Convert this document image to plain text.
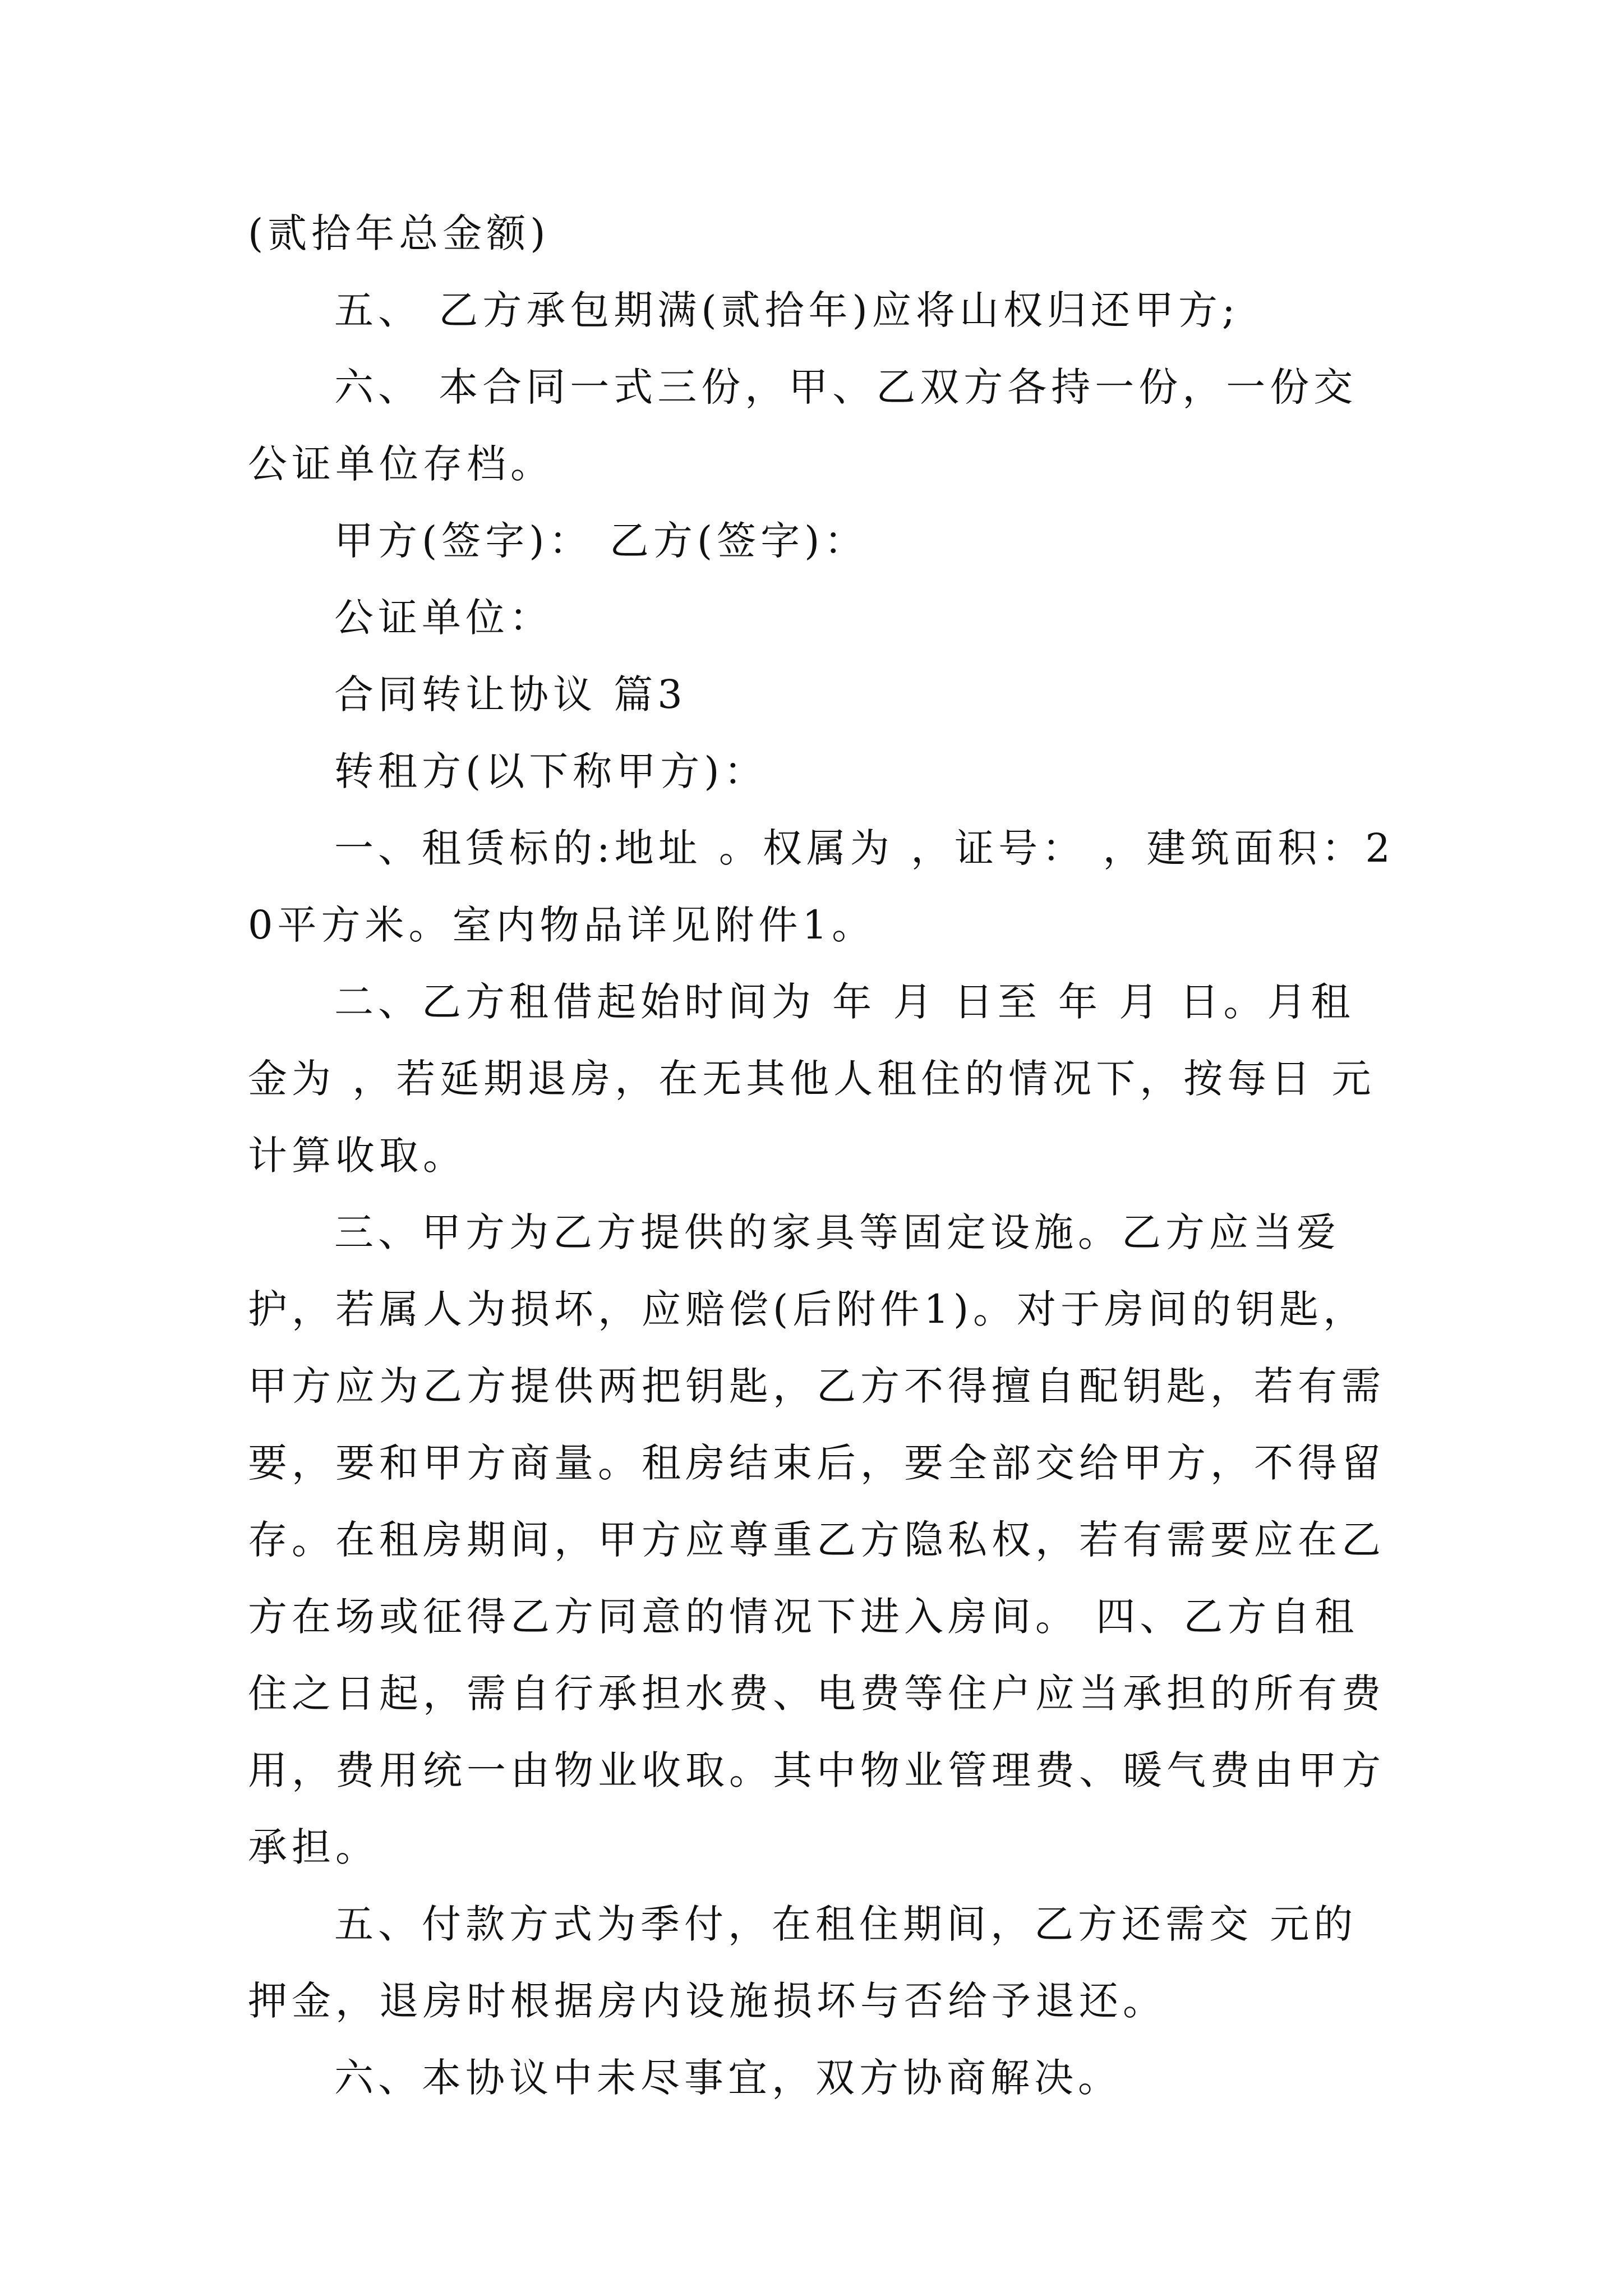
(贰拾年总金额)

五、 乙方承包期满(贰拾年)应将山权归还甲方;

六、 本合同一式三份，甲、乙双方各持一份，一份交公证单位存档。

甲方(签字)： 乙方(签字)：

公证单位：

合同转让协议 篇3

转租方(以下称甲方)：

一、租赁标的:地址 。权属为 ，证号： ，建筑面积：20平方米。室内物品详见附件1。

二、乙方租借起始时间为 年 月 日至 年 月 日。月租金为 ，若延期退房，在无其他人租住的情况下，按每日 元计算收取。

三、甲方为乙方提供的家具等固定设施。乙方应当爱护，若属人为损坏，应赔偿(后附件1)。对于房间的钥匙，甲方应为乙方提供两把钥匙，乙方不得擅自配钥匙，若有需要，要和甲方商量。租房结束后，要全部交给甲方，不得留存。在租房期间，甲方应尊重乙方隐私权，若有需要应在乙方在场或征得乙方同意的情况下进入房间。 四、乙方自租住之日起，需自行承担水费、电费等住户应当承担的所有费用，费用统一由物业收取。其中物业管理费、暖气费由甲方承担。

五、付款方式为季付，在租住期间，乙方还需交 元的押金，退房时根据房内设施损坏与否给予退还。

六、本协议中未尽事宜，双方协商解决。
